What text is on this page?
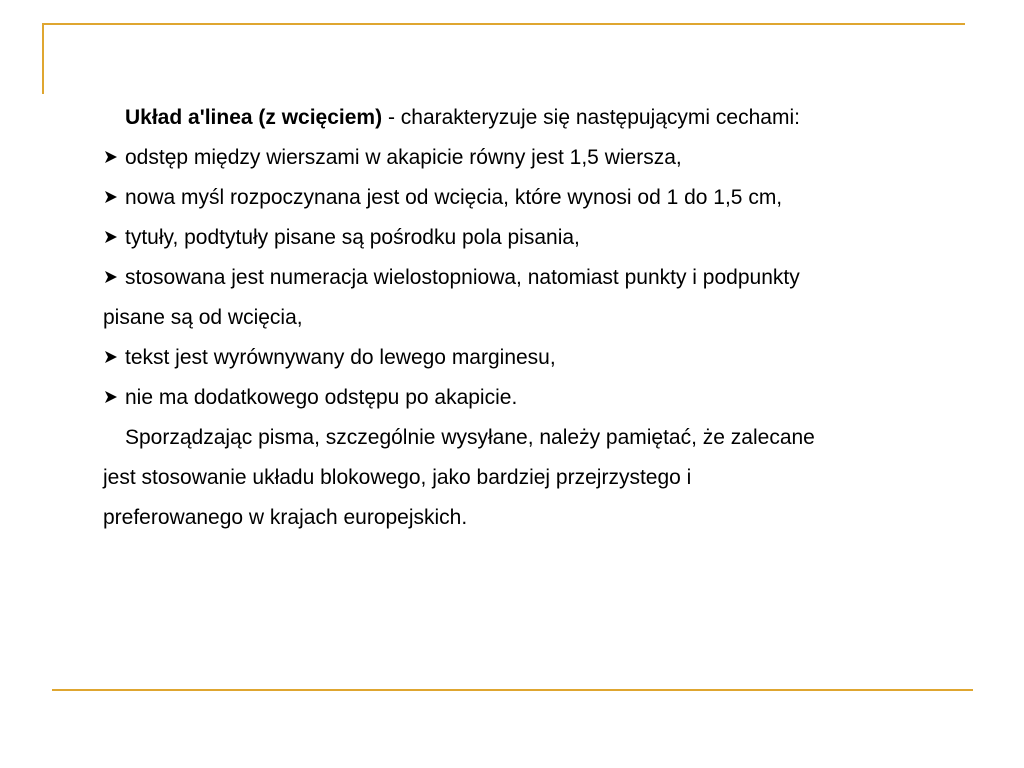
Układ a'linea (z wcięciem) - charakteryzuje się następującymi cechami:
odstęp między wierszami w akapicie równy jest 1,5 wiersza,
nowa myśl rozpoczynana jest od wcięcia, które wynosi od 1 do 1,5 cm,
tytuły, podtytuły pisane są pośrodku pola pisania,
stosowana jest numeracja wielostopniowa, natomiast punkty i podpunkty
pisane są od wcięcia,
tekst jest wyrównywany do lewego marginesu,
nie ma dodatkowego odstępu po akapicie.
Sporządzając pisma, szczególnie wysyłane, należy pamiętać, że zalecane
jest stosowanie układu blokowego, jako bardziej przejrzystego i
preferowanego w krajach europejskich.
